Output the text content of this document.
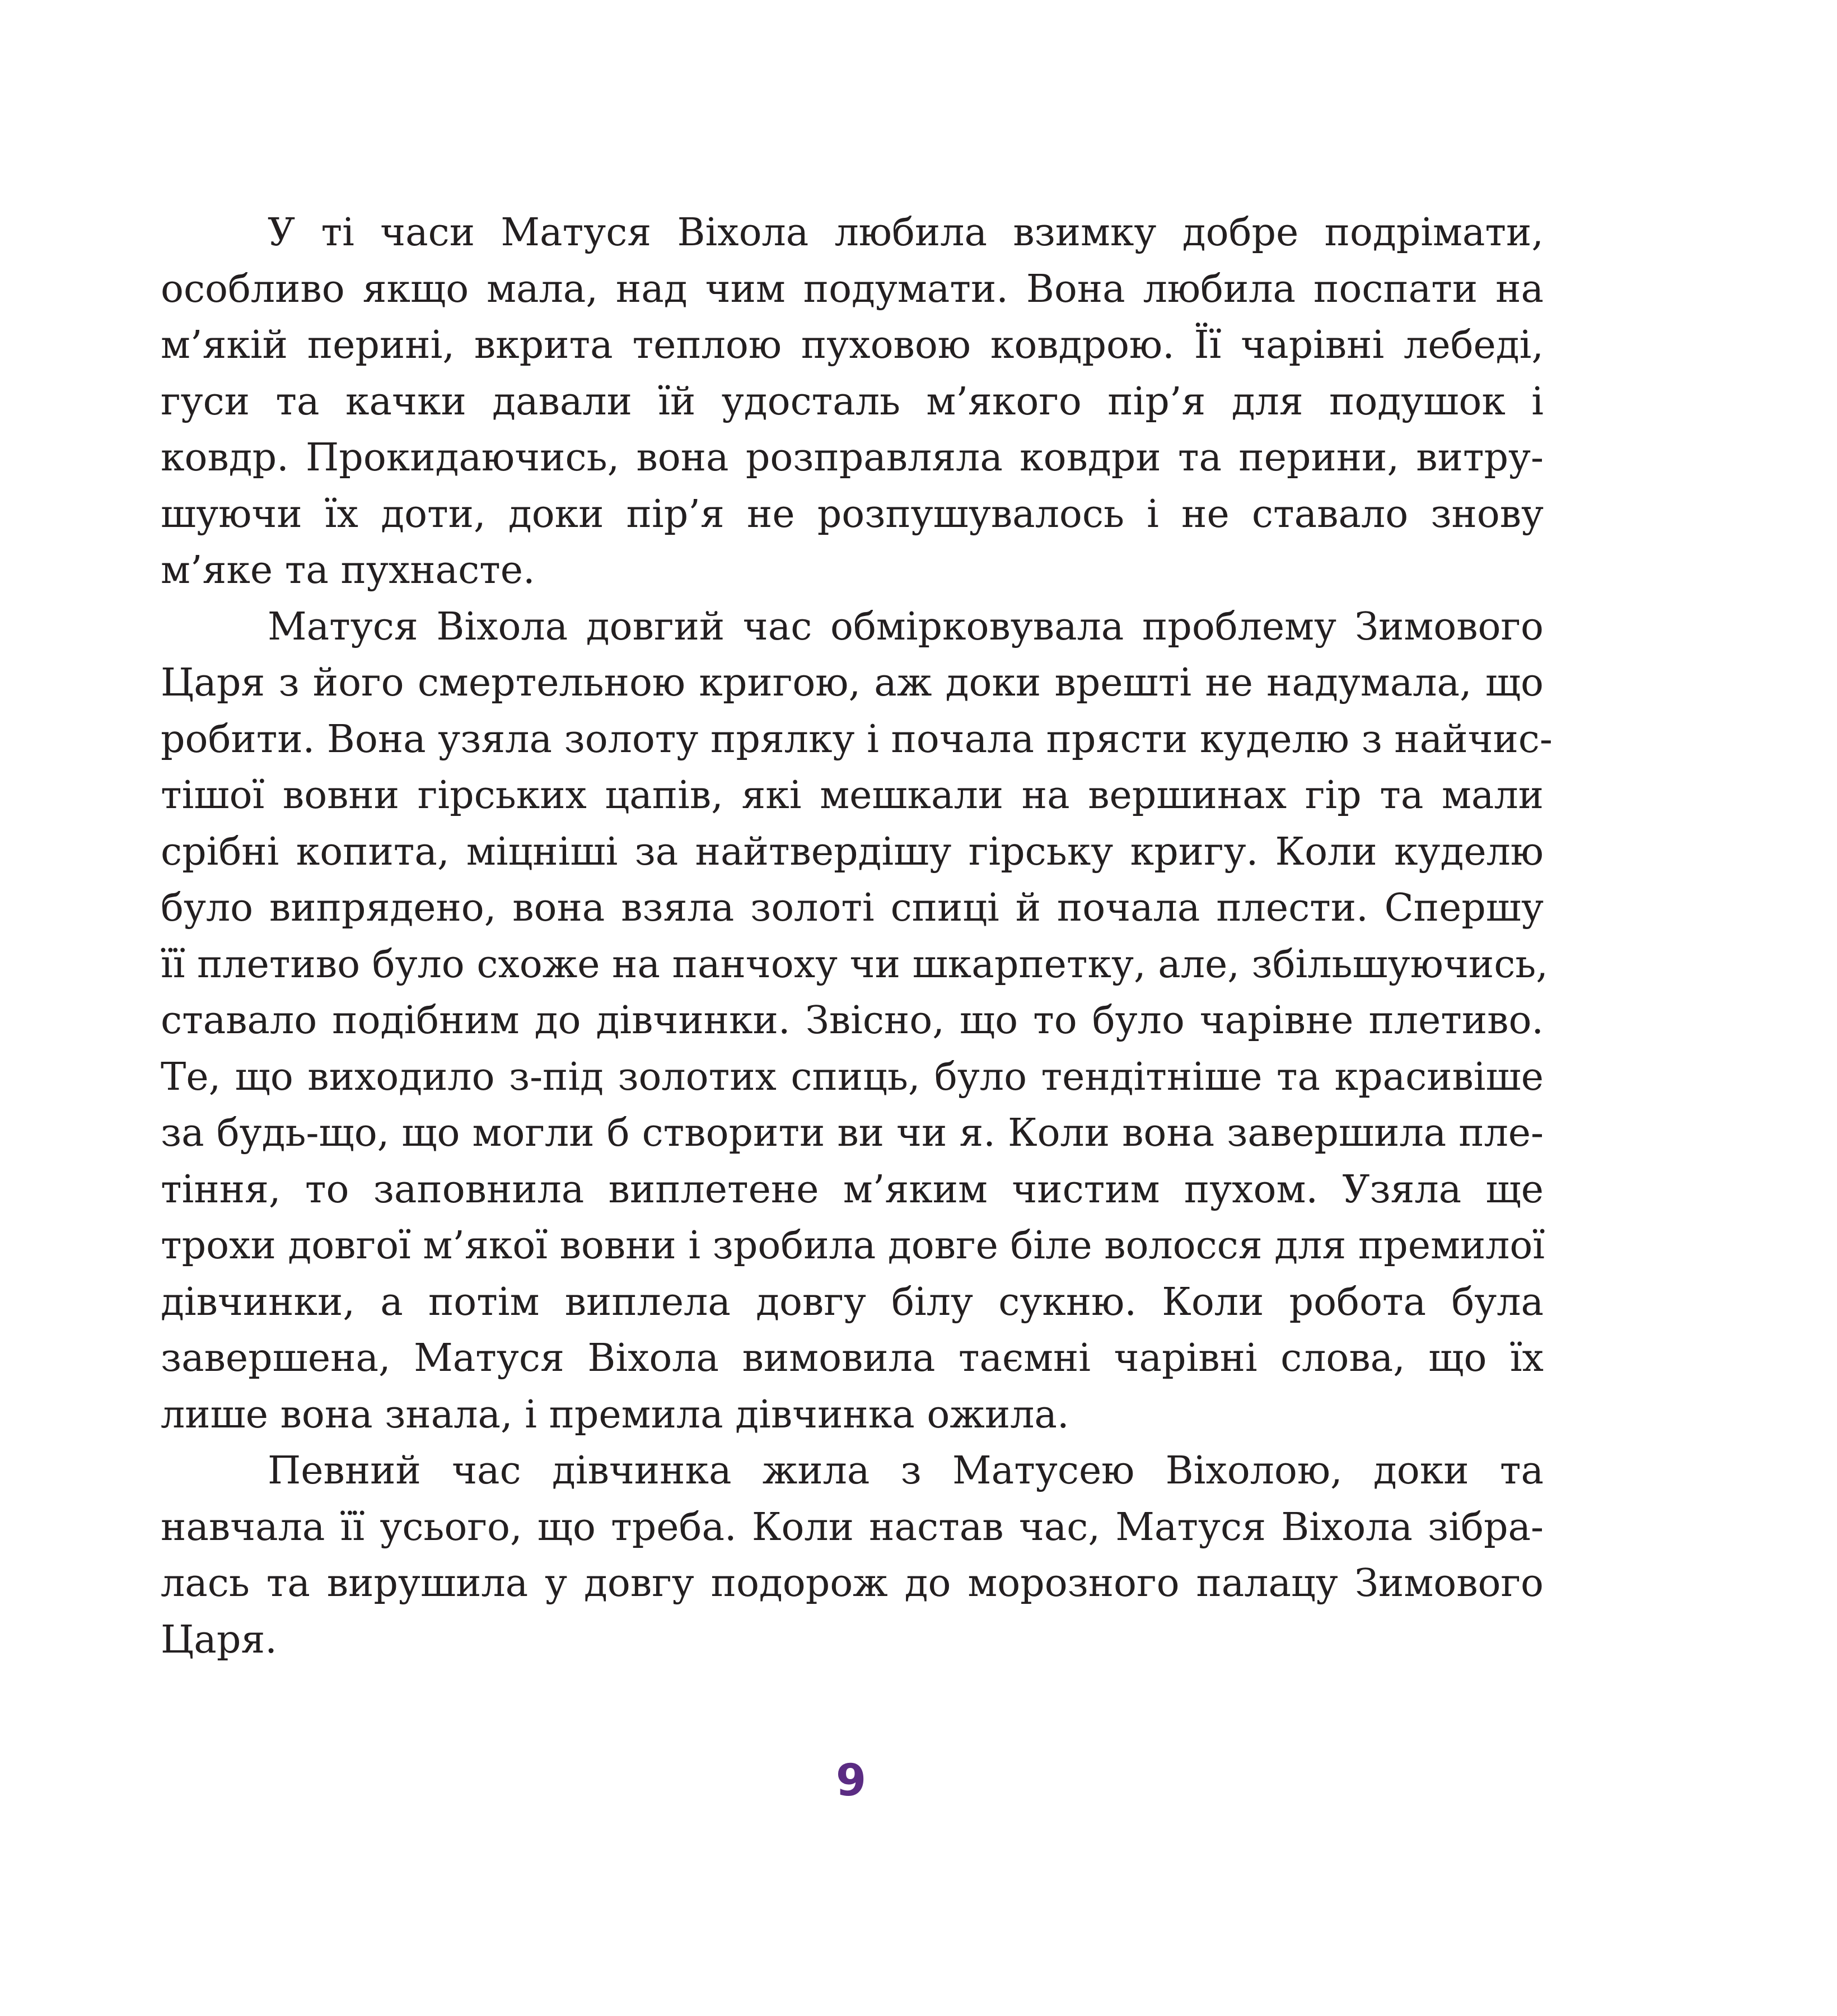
У ті часи Матуся Віхола любила взимку добре подрімати,
особливо якщо мала, над чим подумати. Вона любила поспати на
м’якій перині, вкрита теплою пуховою ковдрою. Її чарівні лебеді,
гуси та качки давали їй удосталь м’якого пір’я для подушок і
ковдр. Прокидаючись, вона розправляла ковдри та перини, витру-
шуючи їх доти, доки пір’я не розпушувалось і не ставало знову
м’яке та пухнасте.
Матуся Віхола довгий час обмірковувала проблему Зимового
Царя з його смертельною кригою, аж доки врешті не надумала, що
робити. Вона узяла золоту прялку і почала прясти куделю з найчис-
тішої вовни гірських цапів, які мешкали на вершинах гір та мали
срібні копита, міцніші за найтвердішу гірську кригу. Коли куделю
було випрядено, вона взяла золоті спиці й почала плести. Спершу
її плетиво було схоже на панчоху чи шкарпетку, але, збільшуючись,
ставало подібним до дівчинки. Звісно, що то було чарівне плетиво.
Те, що виходило з-під золотих спиць, було тендітніше та красивіше
за будь-що, що могли б створити ви чи я. Коли вона завершила пле-
тіння, то заповнила виплетене м’яким чистим пухом. Узяла ще
трохи довгої м’якої вовни і зробила довге біле волосся для премилої
дівчинки, а потім виплела довгу білу сукню. Коли робота була
завершена, Матуся Віхола вимовила таємні чарівні слова, що їх
лише вона знала, і премила дівчинка ожила.
Певний час дівчинка жила з Матусею Віхолою, доки та
навчала її усього, що треба. Коли настав час, Матуся Віхола зібра-
лась та вирушила у довгу подорож до морозного палацу Зимового
Царя.
9
